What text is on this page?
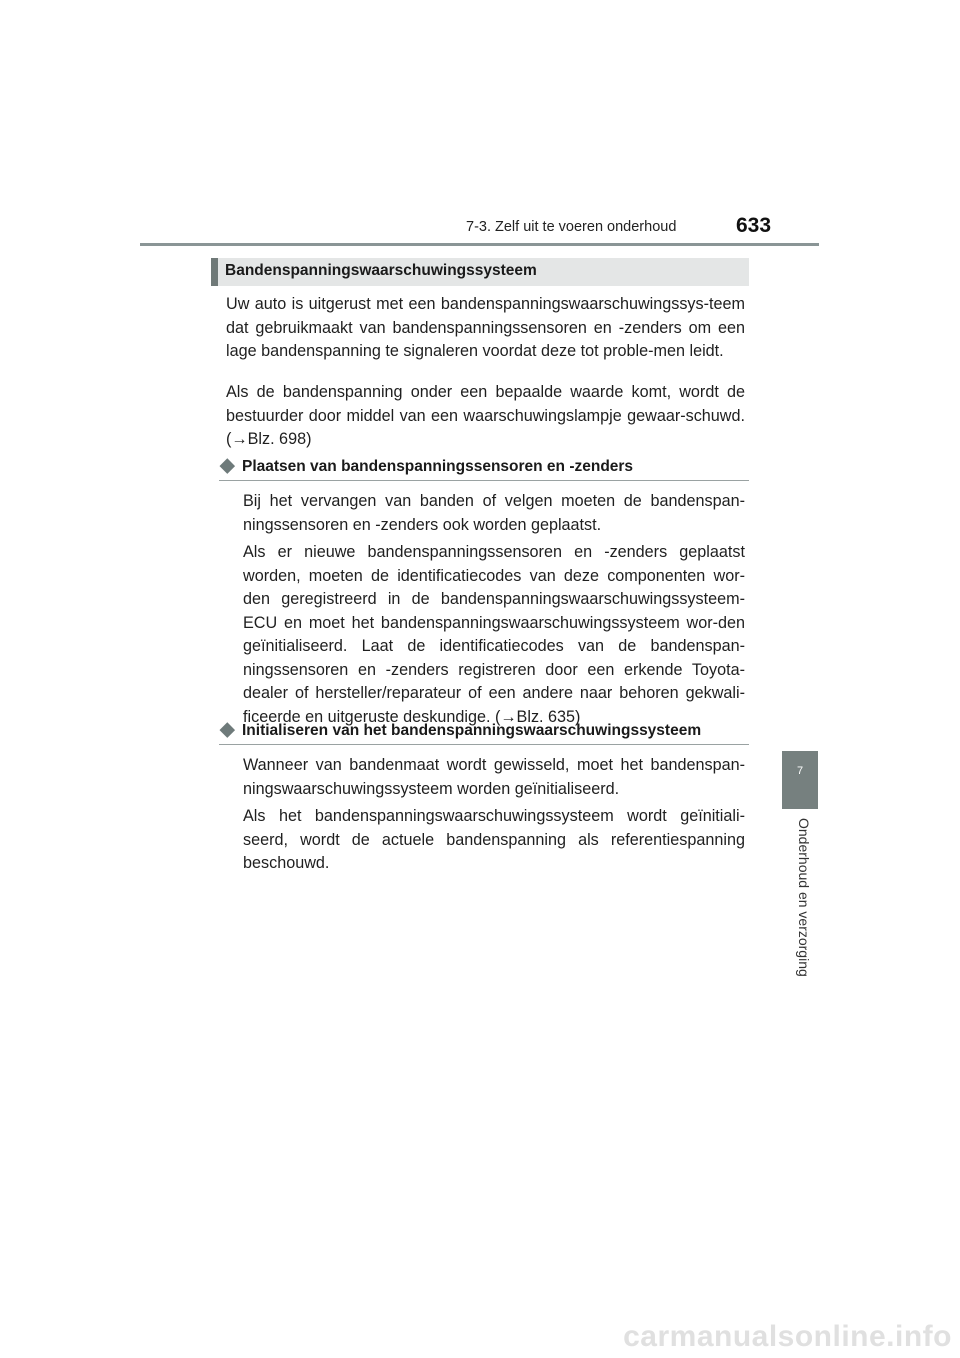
7-3. Zelf uit te voeren onderhoud	633
7
Onderhoud en verzorging
Bandenspanningswaarschuwingssysteem

Uw auto is uitgerust met een bandenspanningswaarschuwingssys-teem dat gebruikmaakt van bandenspanningssensoren en -zenders om een lage bandenspanning te signaleren voordat deze tot proble-men leidt.

Als de bandenspanning onder een bepaalde waarde komt, wordt de bestuurder door middel van een waarschuwingslampje gewaar-schuwd. (→Blz. 698)

◆ Plaatsen van bandenspanningssensoren en -zenders

Bij het vervangen van banden of velgen moeten de bandenspan-ningssensoren en -zenders ook worden geplaatst.

Als er nieuwe bandenspanningssensoren en -zenders geplaatst worden, moeten de identificatiecodes van deze componenten wor-den geregistreerd in de bandenspanningswaarschuwingssysteem-ECU en moet het bandenspanningswaarschuwingssysteem wor-den geïnitialiseerd. Laat de identificatiecodes van de bandenspan-ningssensoren en -zenders registreren door een erkende Toyota-dealer of hersteller/reparateur of een andere naar behoren gekwali-ficeerde en uitgeruste deskundige. (→Blz. 635)

◆ Initialiseren van het bandenspanningswaarschuwingssysteem

Wanneer van bandenmaat wordt gewisseld, moet het bandenspan-ningswaarschuwingssysteem worden geïnitialiseerd.

Als het bandenspanningswaarschuwingssysteem wordt geïnitiali-seerd, wordt de actuele bandenspanning als referentiespanning beschouwd.

carmanualsonline.info
